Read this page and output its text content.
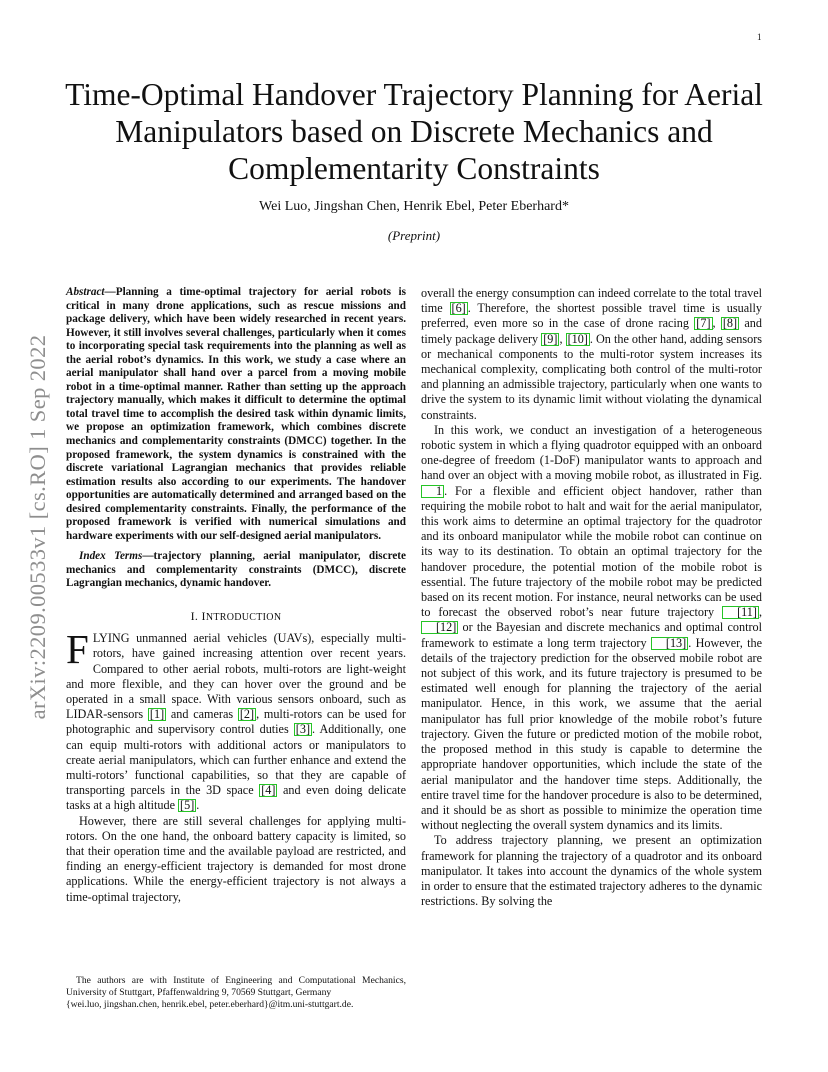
1
arXiv:2209.00533v1 [cs.RO] 1 Sep 2022
Time-Optimal Handover Trajectory Planning for Aerial Manipulators based on Discrete Mechanics and Complementarity Constraints
Wei Luo, Jingshan Chen, Henrik Ebel, Peter Eberhard*
(Preprint)
Abstract—Planning a time-optimal trajectory for aerial robots is critical in many drone applications, such as rescue missions and package delivery, which have been widely researched in recent years. However, it still involves several challenges, particularly when it comes to incorporating special task requirements into the planning as well as the aerial robot’s dynamics. In this work, we study a case where an aerial manipulator shall hand over a parcel from a moving mobile robot in a time-optimal manner. Rather than setting up the approach trajectory manually, which makes it difficult to determine the optimal total travel time to accomplish the desired task within dynamic limits, we propose an optimization framework, which combines discrete mechanics and complementarity constraints (DMCC) together. In the proposed framework, the system dynamics is constrained with the discrete variational Lagrangian mechanics that provides reliable estimation results also according to our experiments. The handover opportunities are automatically determined and arranged based on the desired complementarity constraints. Finally, the performance of the proposed framework is verified with numerical simulations and hardware experiments with our self-designed aerial manipulators.
Index Terms—trajectory planning, aerial manipulator, discrete mechanics and complementarity constraints (DMCC), discrete Lagrangian mechanics, dynamic handover.
I. INTRODUCTION

FLYING unmanned aerial vehicles (UAVs), especially multi-rotors, have gained increasing attention over recent years. Compared to other aerial robots, multi-rotors are light-weight and more flexible, and they can hover over the ground and be operated in a small space. With various sensors onboard, such as LIDAR-sensors [1] and cameras [2] , multi-rotors can be used for photographic and supervisory control duties [3] . Additionally, one can equip multi-rotors with additional actors or manipulators to create aerial manipulators, which can further enhance and extend the multi-rotors’ functional capabilities, so that they are capable of transporting parcels in the 3D space [4] and even doing delicate tasks at a high altitude [5] .

However, there are still several challenges for applying multi-rotors. On the one hand, the onboard battery capacity is limited, so that their operation time and the available payload are restricted, and finding an energy-efficient trajectory is demanded for most drone applications. While the energy-efficient trajectory is not always a time-optimal trajectory,

The authors are with Institute of Engineering and Computational Mechanics, University of Stuttgart, Pfaffenwaldring 9, 70569 Stuttgart, Germany

{wei.luo, jingshan.chen, henrik.ebel, peter.eberhard}@itm.uni-stuttgart.de.

overall the energy consumption can indeed correlate to the total travel time [6] . Therefore, the shortest possible travel time is usually preferred, even more so in the case of drone racing [7] , [8] and timely package delivery [9] , [10] . On the other hand, adding sensors or mechanical components to the multi-rotor system increases its mechanical complexity, complicating both control of the multi-rotor and planning an admissible trajectory, particularly when one wants to drive the system to its dynamic limit without violating the dynamical constraints.

In this work, we conduct an investigation of a heterogeneous robotic system in which a flying quadrotor equipped with an onboard one-degree of freedom (1-DoF) manipulator wants to approach and hand over an object with a moving mobile robot, as illustrated in Fig. 1 . For a flexible and efficient object handover, rather than requiring the mobile robot to halt and wait for the aerial manipulator, this work aims to determine an optimal trajectory for the quadrotor and its onboard manipulator while the mobile robot can continue on its way to its destination. To obtain an optimal trajectory for the handover procedure, the potential motion of the mobile robot is essential. The future trajectory of the mobile robot may be predicted based on its recent motion. For instance, neural networks can be used to forecast the observed robot’s near future trajectory [11] , [12] or the Bayesian and discrete mechanics and optimal control framework to estimate a long term trajectory [13] . However, the details of the trajectory prediction for the observed mobile robot are not subject of this work, and its future trajectory is presumed to be estimated well enough for planning the trajectory of the aerial manipulator. Hence, in this work, we assume that the aerial manipulator has full prior knowledge of the mobile robot’s future trajectory. Given the future or predicted motion of the mobile robot, the proposed method in this study is capable to determine the appropriate handover opportunities, which include the state of the aerial manipulator and the handover time steps. Additionally, the entire travel time for the handover procedure is also to be determined, and it should be as short as possible to minimize the operation time without neglecting the overall system dynamics and its limits.

To address trajectory planning, we present an optimization framework for planning the trajectory of a quadrotor and its onboard manipulator. It takes into account the dynamics of the whole system in order to ensure that the estimated trajectory adheres to the dynamic restrictions. By solving the
